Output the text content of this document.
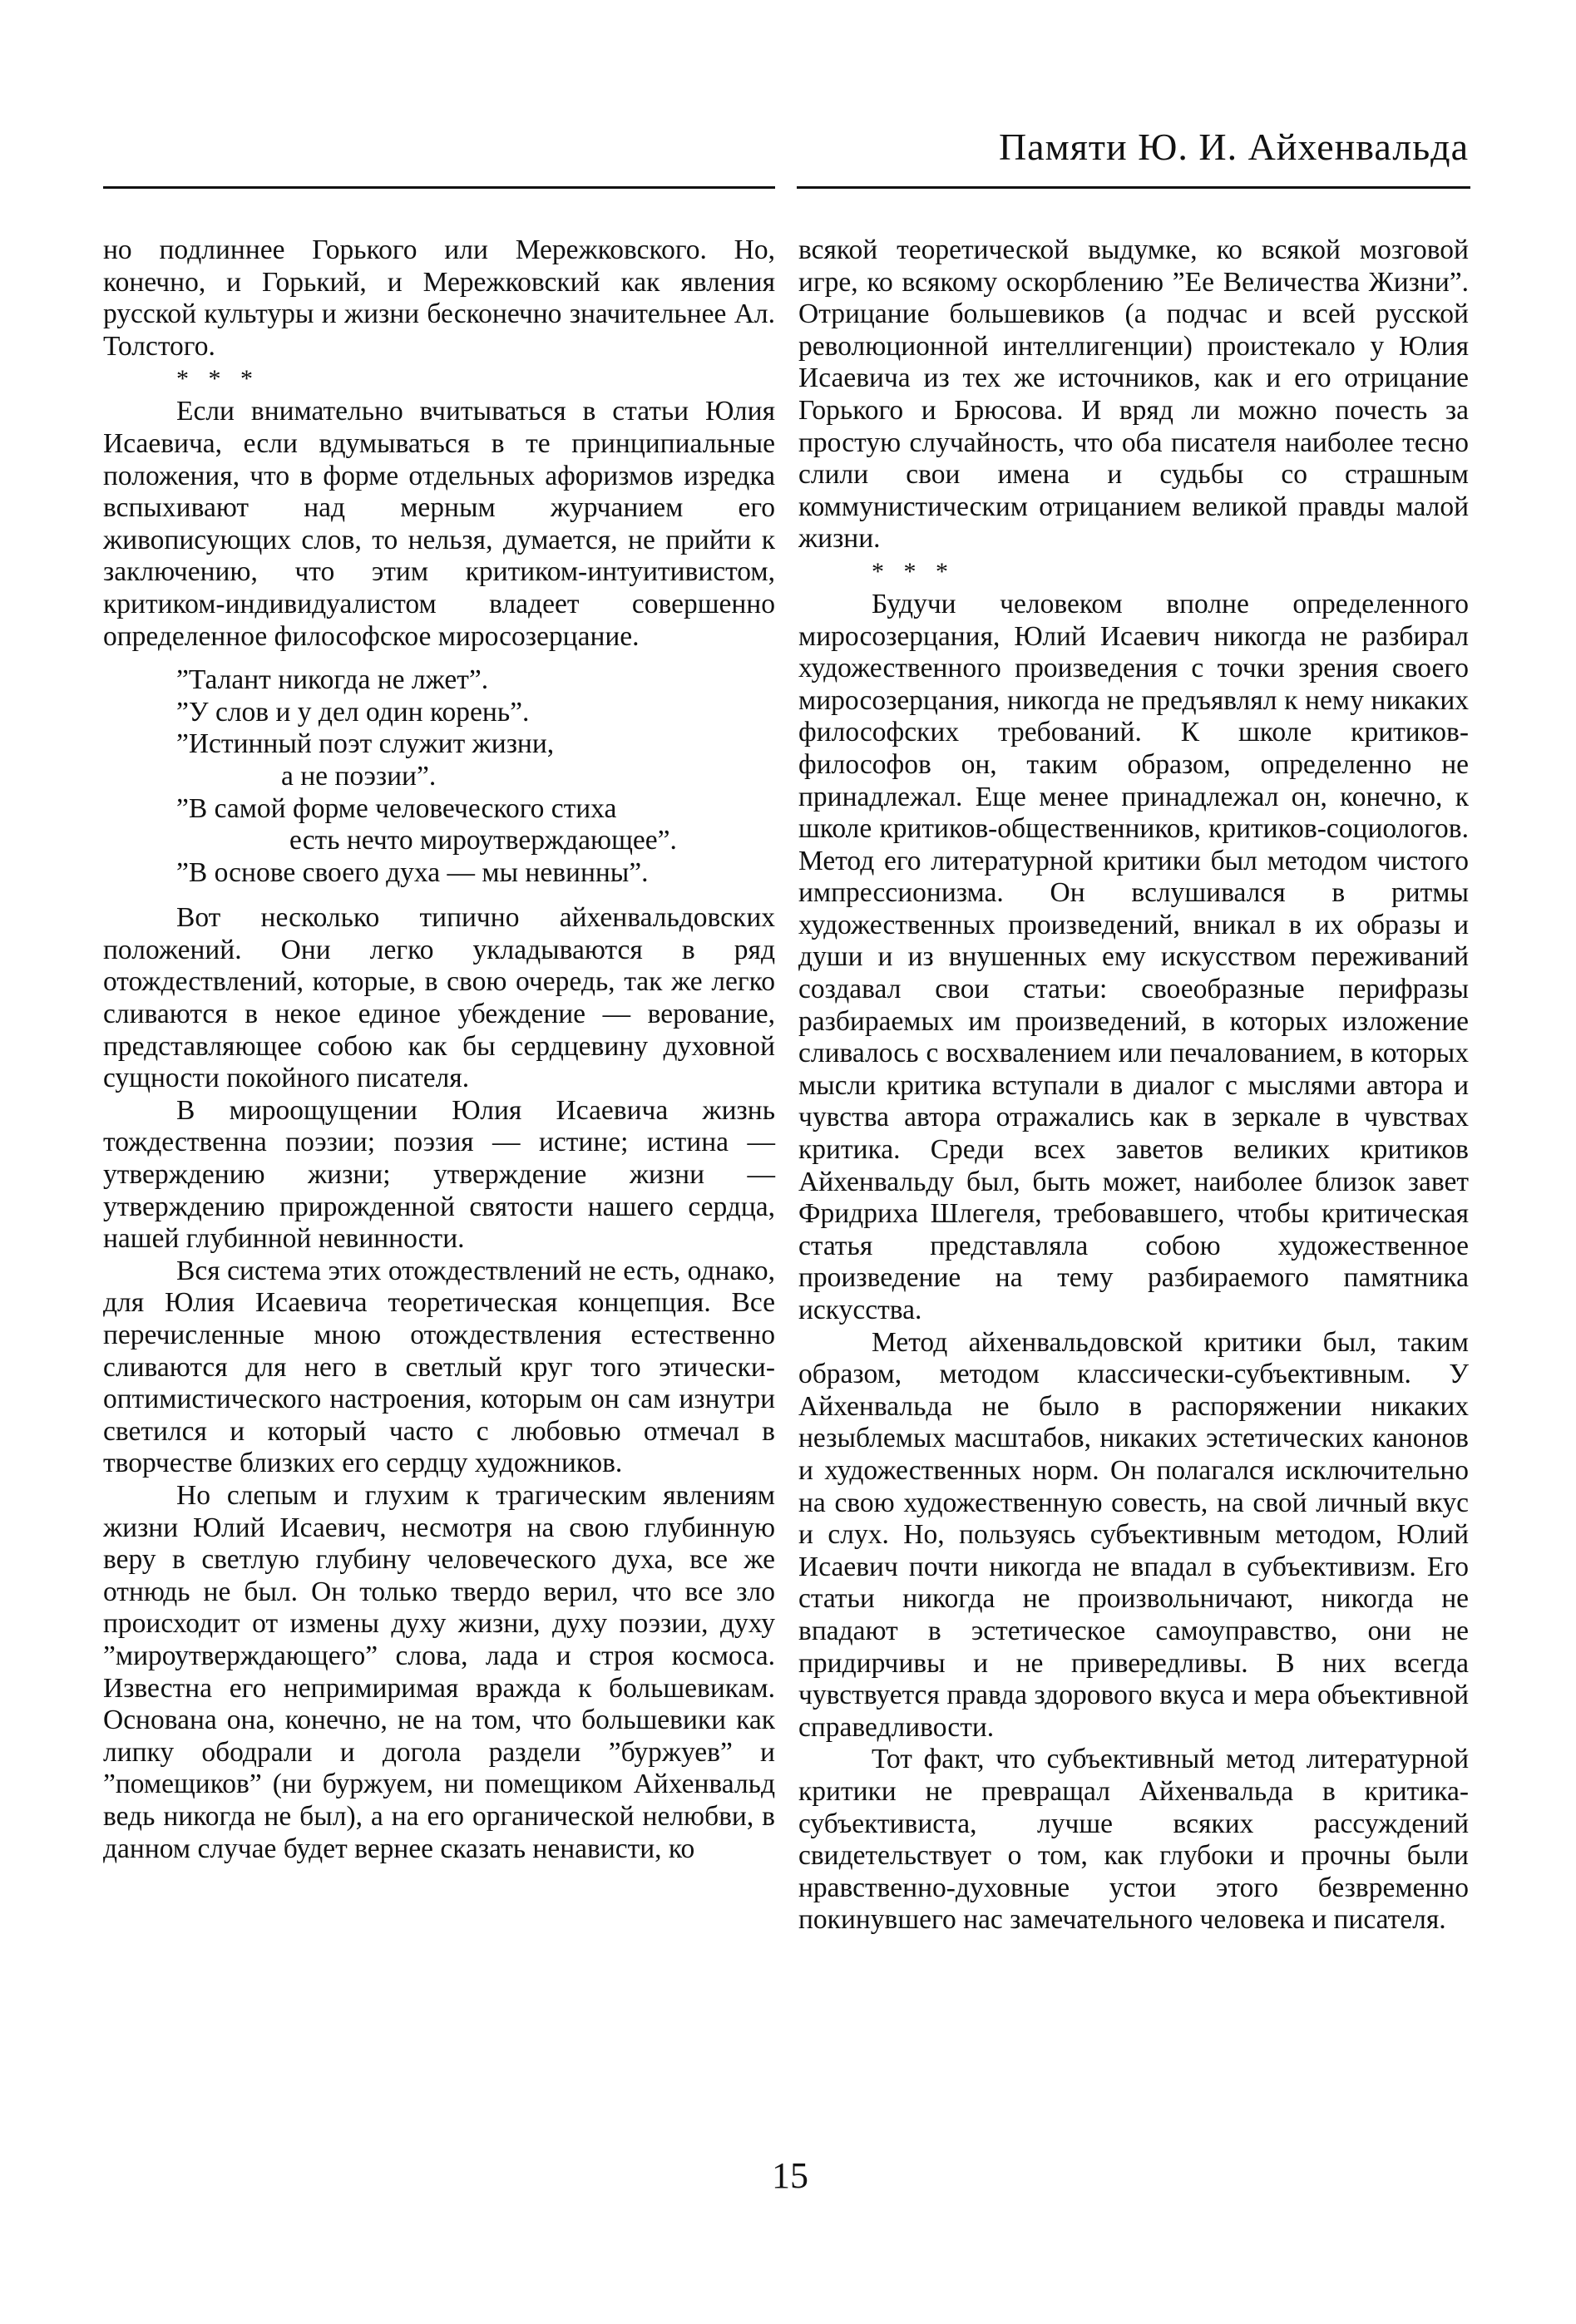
Памяти Ю. И. Айхенвальда

но подлиннее Горького или Мережковского. Но, конечно, и Горький, и Мережковский как явления русской культуры и жизни бесконечно значительнее Ал. Толстого.

* * *

Если внимательно вчитываться в статьи Юлия Исаевича, если вдумываться в те принципиальные положения, что в форме отдельных афоризмов изредка вспыхивают над мерным журчанием его живописующих слов, то нельзя, думается, не прийти к заключению, что этим критиком-интуитивистом, критиком-индивидуалистом владеет совершенно определенное философское миросозерцание.

”Талант никогда не лжет”.
”У слов и у дел один корень”.
”Истинный поэт служит жизни,
а не поэзии”.
”В самой форме человеческого стиха
есть нечто мироутверждающее”.
”В основе своего духа — мы невинны”.

Вот несколько типично айхенвальдовских положений. Они легко укладываются в ряд отождествлений, которые, в свою очередь, так же легко сливаются в некое единое убеждение — верование, представляющее собою как бы сердцевину духовной сущности покойного писателя.

В мироощущении Юлия Исаевича жизнь тождественна поэзии; поэзия — истине; истина — утверждению жизни; утверждение жизни — утверждению прирожденной святости нашего сердца, нашей глубинной невинности.

Вся система этих отождествлений не есть, однако, для Юлия Исаевича теоретическая концепция. Все перечисленные мною отождествления естественно сливаются для него в светлый круг того этически-оптимистического настроения, которым он сам изнутри светился и который часто с любовью отмечал в творчестве близких его сердцу художников.

Но слепым и глухим к трагическим явлениям жизни Юлий Исаевич, несмотря на свою глубинную веру в светлую глубину человеческого духа, все же отнюдь не был. Он только твердо верил, что все зло происходит от измены духу жизни, духу поэзии, духу ”мироутверждающего” слова, лада и строя космоса. Известна его непримиримая вражда к большевикам. Основана она, конечно, не на том, что большевики как липку ободрали и догола раздели ”буржуев” и ”помещиков” (ни буржуем, ни помещиком Айхенвальд ведь никогда не был), а на его органической нелюбви, в данном случае будет вернее сказать ненависти, ко

всякой теоретической выдумке, ко всякой мозговой игре, ко всякому оскорблению ”Ее Величества Жизни”. Отрицание большевиков (а подчас и всей русской революционной интеллигенции) проистекало у Юлия Исаевича из тех же источников, как и его отрицание Горького и Брюсова. И вряд ли можно почесть за простую случайность, что оба писателя наиболее тесно слили свои имена и судьбы со страшным коммунистическим отрицанием великой правды малой жизни.

* * *

Будучи человеком вполне определенного миросозерцания, Юлий Исаевич никогда не разбирал художественного произведения с точки зрения своего миросозерцания, никогда не предъявлял к нему никаких философских требований. К школе критиков-философов он, таким образом, определенно не принадлежал. Еще менее принадлежал он, конечно, к школе критиков-общественников, критиков-социологов. Метод его литературной критики был методом чистого импрессионизма. Он вслушивался в ритмы художественных произведений, вникал в их образы и души и из внушенных ему искусством переживаний создавал свои статьи: своеобразные перифразы разбираемых им произведений, в которых изложение сливалось с восхвалением или печалованием, в которых мысли критика вступали в диалог с мыслями автора и чувства автора отражались как в зеркале в чувствах критика. Среди всех заветов великих критиков Айхенвальду был, быть может, наиболее близок завет Фридриха Шлегеля, требовавшего, чтобы критическая статья представляла собою художественное произведение на тему разбираемого памятника искусства.

Метод айхенвальдовской критики был, таким образом, методом классически-субъективным. У Айхенвальда не было в распоряжении никаких незыблемых масштабов, никаких эстетических канонов и художественных норм. Он полагался исключительно на свою художественную совесть, на свой личный вкус и слух. Но, пользуясь субъективным методом, Юлий Исаевич почти никогда не впадал в субъективизм. Его статьи никогда не произвольничают, никогда не впадают в эстетическое самоуправство, они не придирчивы и не привередливы. В них всегда чувствуется правда здорового вкуса и мера объективной справедливости.

Тот факт, что субъективный метод литературной критики не превращал Айхенвальда в критика-субъективиста, лучше всяких рассуждений свидетельствует о том, как глубоки и прочны были нравственно-духовные устои этого безвременно покинувшего нас замечательного человека и писателя.

15
